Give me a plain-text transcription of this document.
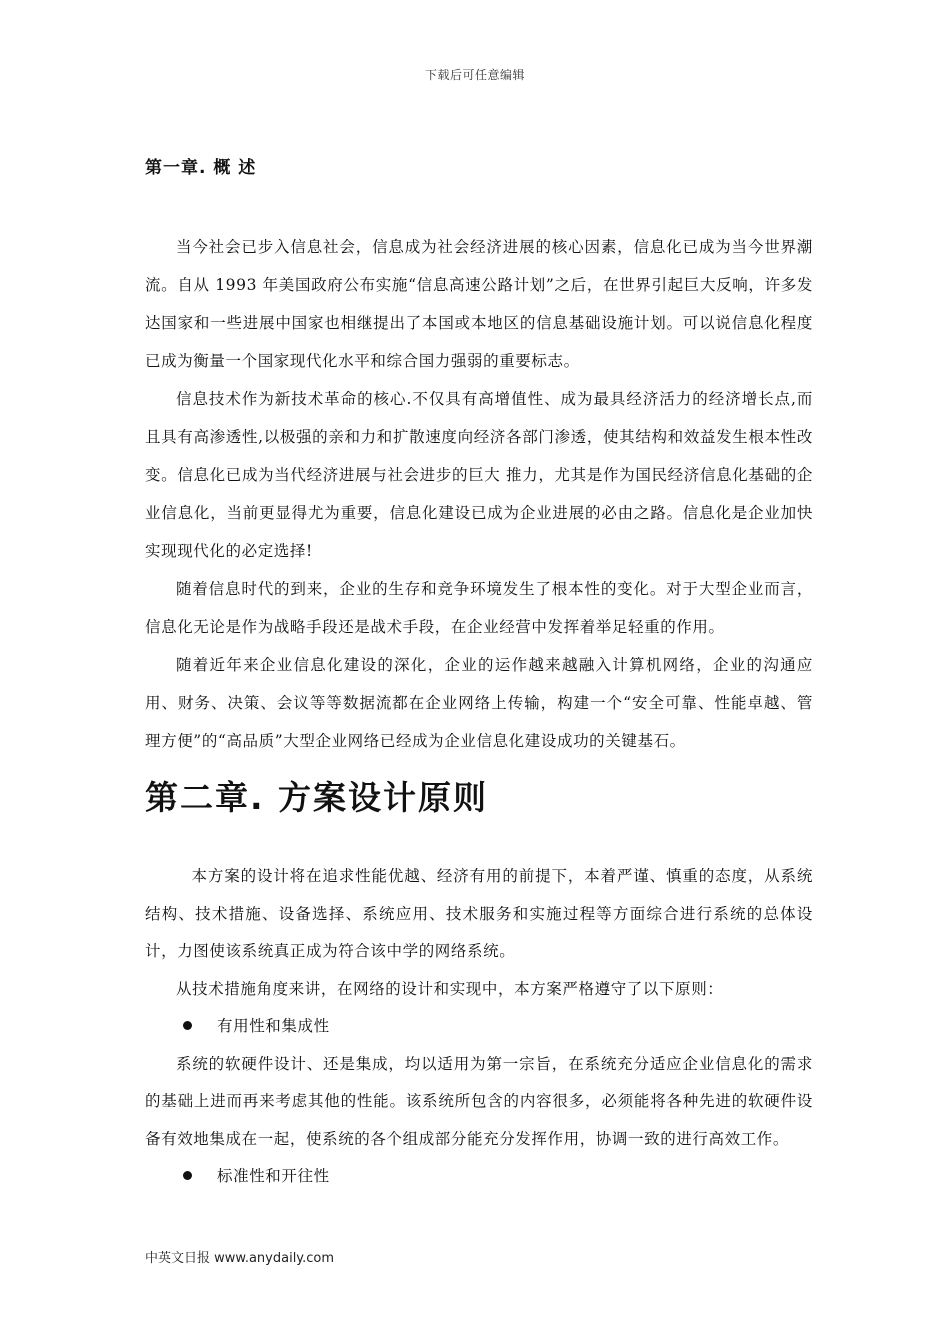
下载后可任意编辑
第一章. 概 述

当今社会已步入信息社会，信息成为社会经济进展的核心因素，信息化已成为当今世界潮流。自从 1993 年美国政府公布实施“信息高速公路计划”之后，在世界引起巨大反响，许多发达国家和一些进展中国家也相继提出了本国或本地区的信息基础设施计划。可以说信息化程度已成为衡量一个国家现代化水平和综合国力强弱的重要标志。

信息技术作为新技术革命的核心.不仅具有高增值性、成为最具经济活力的经济增长点,而且具有高渗透性,以极强的亲和力和扩散速度向经济各部门渗透，使其结构和效益发生根本性改变。信息化已成为当代经济进展与社会进步的巨大 推力，尤其是作为国民经济信息化基础的企业信息化，当前更显得尤为重要，信息化建设已成为企业进展的必由之路。信息化是企业加快实现现代化的必定选择!

随着信息时代的到来，企业的生存和竞争环境发生了根本性的变化。对于大型企业而言，信息化无论是作为战略手段还是战术手段，在企业经营中发挥着举足轻重的作用。

随着近年来企业信息化建设的深化，企业的运作越来越融入计算机网络，企业的沟通应用、财务、决策、会议等等数据流都在企业网络上传输，构建一个“安全可靠、性能卓越、管理方便”的“高品质”大型企业网络已经成为企业信息化建设成功的关键基石。

第二章. 方案设计原则

本方案的设计将在追求性能优越、经济有用的前提下，本着严谨、慎重的态度，从系统结构、技术措施、设备选择、系统应用、技术服务和实施过程等方面综合进行系统的总体设计，力图使该系统真正成为符合该中学的网络系统。

从技术措施角度来讲，在网络的设计和实现中，本方案严格遵守了以下原则：

有用性和集成性

系统的软硬件设计、还是集成，均以适用为第一宗旨，在系统充分适应企业信息化的需求的基础上进而再来考虑其他的性能。该系统所包含的内容很多，必须能将各种先进的软硬件设备有效地集成在一起，使系统的各个组成部分能充分发挥作用，协调一致的进行高效工作。

标准性和开往性

中英文日报 www.anydaily.com
